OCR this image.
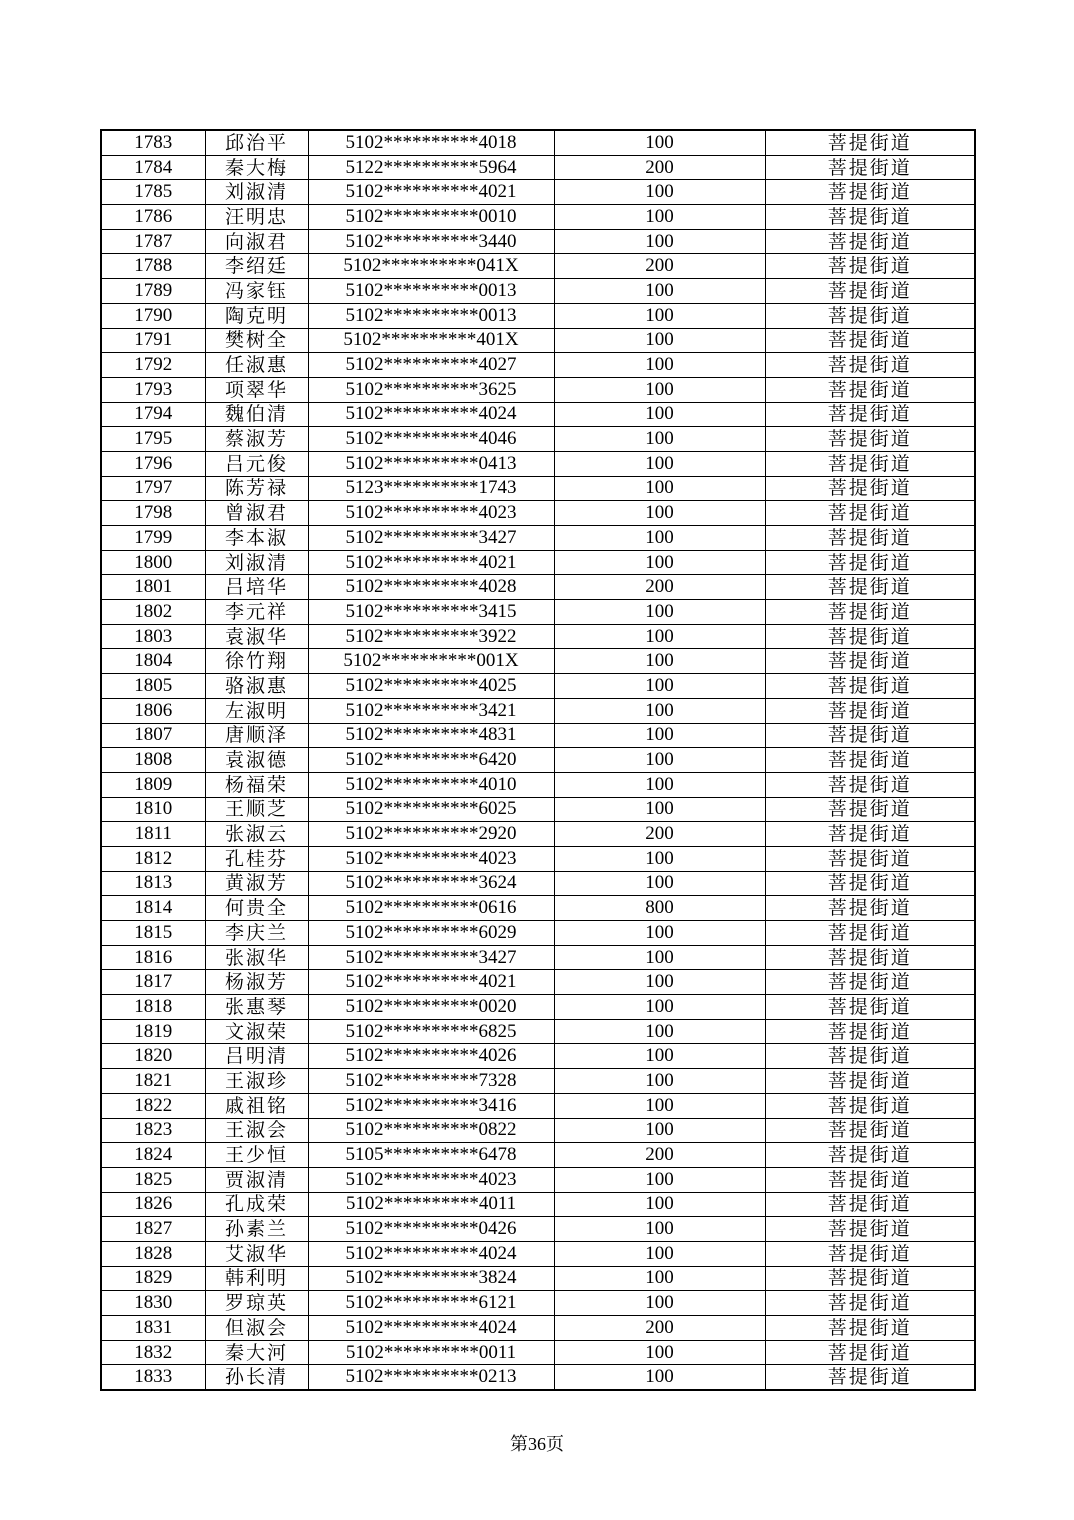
1783	邱治平	5102**********4018	100	菩提街道
1784	秦大梅	5122**********5964	200	菩提街道
1785	刘淑清	5102**********4021	100	菩提街道
1786	汪明忠	5102**********0010	100	菩提街道
1787	向淑君	5102**********3440	100	菩提街道
1788	李绍廷	5102**********041X	200	菩提街道
1789	冯家钰	5102**********0013	100	菩提街道
1790	陶克明	5102**********0013	100	菩提街道
1791	樊树全	5102**********401X	100	菩提街道
1792	任淑惠	5102**********4027	100	菩提街道
1793	项翠华	5102**********3625	100	菩提街道
1794	魏伯清	5102**********4024	100	菩提街道
1795	蔡淑芳	5102**********4046	100	菩提街道
1796	吕元俊	5102**********0413	100	菩提街道
1797	陈芳禄	5123**********1743	100	菩提街道
1798	曾淑君	5102**********4023	100	菩提街道
1799	李本淑	5102**********3427	100	菩提街道
1800	刘淑清	5102**********4021	100	菩提街道
1801	吕培华	5102**********4028	200	菩提街道
1802	李元祥	5102**********3415	100	菩提街道
1803	袁淑华	5102**********3922	100	菩提街道
1804	徐竹翔	5102**********001X	100	菩提街道
1805	骆淑惠	5102**********4025	100	菩提街道
1806	左淑明	5102**********3421	100	菩提街道
1807	唐顺泽	5102**********4831	100	菩提街道
1808	袁淑德	5102**********6420	100	菩提街道
1809	杨福荣	5102**********4010	100	菩提街道
1810	王顺芝	5102**********6025	100	菩提街道
1811	张淑云	5102**********2920	200	菩提街道
1812	孔桂芬	5102**********4023	100	菩提街道
1813	黄淑芳	5102**********3624	100	菩提街道
1814	何贵全	5102**********0616	800	菩提街道
1815	李庆兰	5102**********6029	100	菩提街道
1816	张淑华	5102**********3427	100	菩提街道
1817	杨淑芳	5102**********4021	100	菩提街道
1818	张惠琴	5102**********0020	100	菩提街道
1819	文淑荣	5102**********6825	100	菩提街道
1820	吕明清	5102**********4026	100	菩提街道
1821	王淑珍	5102**********7328	100	菩提街道
1822	戚祖铭	5102**********3416	100	菩提街道
1823	王淑会	5102**********0822	100	菩提街道
1824	王少恒	5105**********6478	200	菩提街道
1825	贾淑清	5102**********4023	100	菩提街道
1826	孔成荣	5102**********4011	100	菩提街道
1827	孙素兰	5102**********0426	100	菩提街道
1828	艾淑华	5102**********4024	100	菩提街道
1829	韩利明	5102**********3824	100	菩提街道
1830	罗琼英	5102**********6121	100	菩提街道
1831	但淑会	5102**********4024	200	菩提街道
1832	秦大河	5102**********0011	100	菩提街道
1833	孙长清	5102**********0213	100	菩提街道
第36页
